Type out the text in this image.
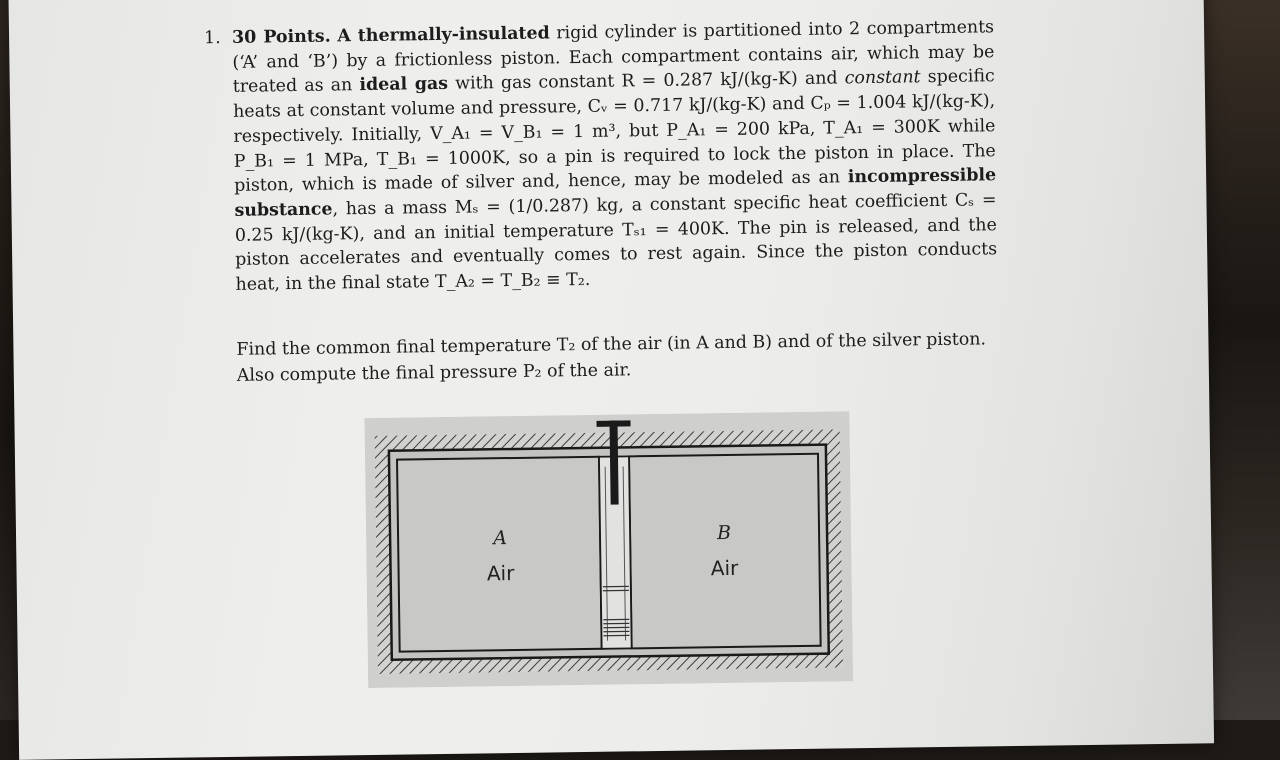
1. 30 Points. A thermally-insulated rigid cylinder is partitioned into 2 compartments (‘A’ and ‘B’) by a frictionless piston. Each compartment contains air, which may be treated as an ideal gas with gas constant R = 0.287 kJ/(kg-K) and constant specific heats at constant volume and pressure, Cᵥ = 0.717 kJ/(kg-K) and Cₚ = 1.004 kJ/(kg-K), respectively. Initially, V_A₁ = V_B₁ = 1 m³, but P_A₁ = 200 kPa, T_A₁ = 300K while P_B₁ = 1 MPa, T_B₁ = 1000K, so a pin is required to lock the piston in place. The piston, which is made of silver and, hence, may be modeled as an incompressible substance, has a mass Mₛ = (1/0.287) kg, a constant specific heat coefficient Cₛ = 0.25 kJ/(kg-K), and an initial temperature Tₛ₁ = 400K. The pin is released, and the piston accelerates and eventually comes to rest again. Since the piston conducts heat, in the final state T_A₂ = T_B₂ ≡ T₂.
Find the common final temperature T₂ of the air (in A and B) and of the silver piston.
Also compute the final pressure P₂ of the air.
A
Air
B
Air
